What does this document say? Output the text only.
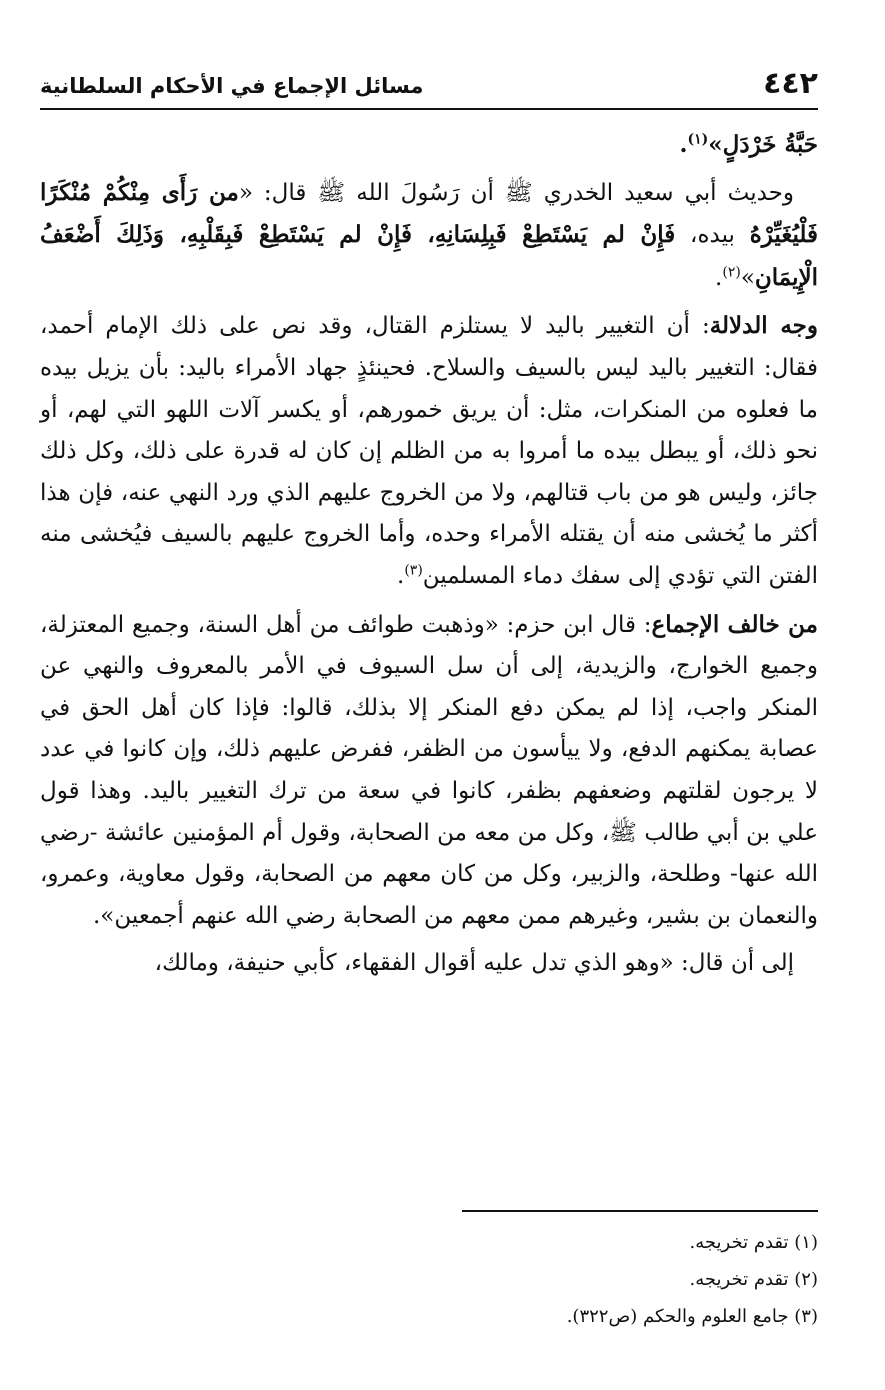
٤٤٢
مسائل الإجماع في الأحكام السلطانية

حَبَّةُ خَرْدَلٍ»$^{(١)}$.

وحديث أبي سعيد الخدري ﷺ أن رَسُولَ الله ﷺ قال: «من رَأَى مِنْكُمْ مُنْكَرًا فَلْيُغَيِّرْهُ بيده، فَإِنْ لم يَسْتَطِعْ فَبِلِسَانِهِ، فَإِنْ لم يَسْتَطِعْ فَبِقَلْبِهِ، وَذَلِكَ أَضْعَفُ الْإِيمَانِ»$^{(٢)}$.

وجه الدلالة: أن التغيير باليد لا يستلزم القتال، وقد نص على ذلك الإمام أحمد، فقال: التغيير باليد ليس بالسيف والسلاح. فحينئذٍ جهاد الأمراء باليد: بأن يزيل بيده ما فعلوه من المنكرات، مثل: أن يريق خمورهم، أو يكسر آلات اللهو التي لهم، أو نحو ذلك، أو يبطل بيده ما أمروا به من الظلم إن كان له قدرة على ذلك، وكل ذلك جائز، وليس هو من باب قتالهم، ولا من الخروج عليهم الذي ورد النهي عنه، فإن هذا أكثر ما يُخشى منه أن يقتله الأمراء وحده، وأما الخروج عليهم بالسيف فيُخشى منه الفتن التي تؤدي إلى سفك دماء المسلمين$^{(٣)}$.

من خالف الإجماع: قال ابن حزم: «وذهبت طوائف من أهل السنة، وجميع المعتزلة، وجميع الخوارج، والزيدية، إلى أن سل السيوف في الأمر بالمعروف والنهي عن المنكر واجب، إذا لم يمكن دفع المنكر إلا بذلك، قالوا: فإذا كان أهل الحق في عصابة يمكنهم الدفع، ولا ييأسون من الظفر، ففرض عليهم ذلك، وإن كانوا في عدد لا يرجون لقلتهم وضعفهم بظفر، كانوا في سعة من ترك التغيير باليد. وهذا قول علي بن أبي طالب ﷺ، وكل من معه من الصحابة، وقول أم المؤمنين عائشة -رضي الله عنها- وطلحة، والزبير، وكل من كان معهم من الصحابة، وقول معاوية، وعمرو، والنعمان بن بشير، وغيرهم ممن معهم من الصحابة رضي الله عنهم أجمعين».

إلى أن قال: «وهو الذي تدل عليه أقوال الفقهاء، كأبي حنيفة، ومالك،

(١) تقدم تخريجه.

(٢) تقدم تخريجه.

(٣) جامع العلوم والحكم (ص٣٢٢).
